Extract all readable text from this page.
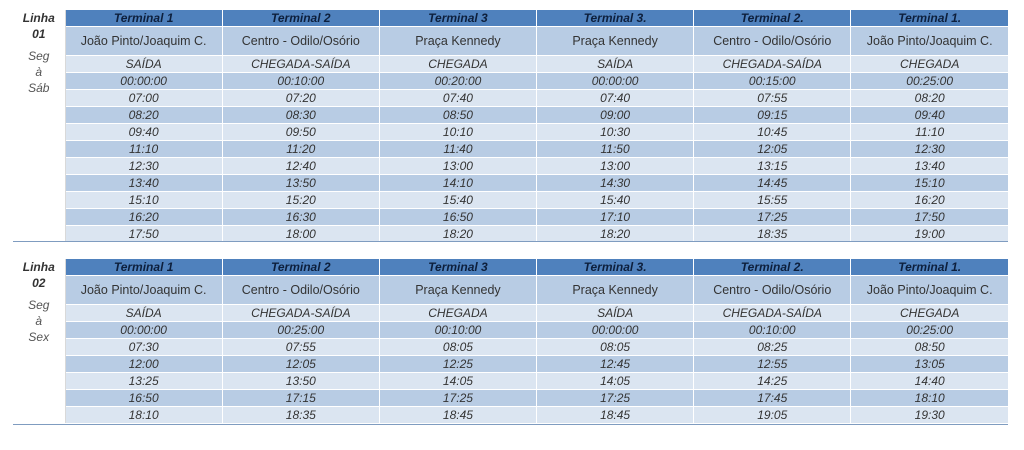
Linha
01
Seg
à
Sáb	Terminal 1	Terminal 2	Terminal 3	Terminal 3.	Terminal 2.	Terminal 1.
	João Pinto/Joaquim C.	Centro - Odilo/Osório	Praça Kennedy	Praça Kennedy	Centro - Odilo/Osório	João Pinto/Joaquim C.
	SAÍDA	CHEGADA-SAÍDA	CHEGADA	SAÍDA	CHEGADA-SAÍDA	CHEGADA
	00:00:00	00:10:00	00:20:00	00:00:00	00:15:00	00:25:00
	07:00	07:20	07:40	07:40	07:55	08:20
	08:20	08:30	08:50	09:00	09:15	09:40
	09:40	09:50	10:10	10:30	10:45	11:10
	11:10	11:20	11:40	11:50	12:05	12:30
	12:30	12:40	13:00	13:00	13:15	13:40
	13:40	13:50	14:10	14:30	14:45	15:10
	15:10	15:20	15:40	15:40	15:55	16:20
	16:20	16:30	16:50	17:10	17:25	17:50
	17:50	18:00	18:20	18:20	18:35	19:00
Linha
02
Seg
à
Sex	Terminal 1	Terminal 2	Terminal 3	Terminal 3.	Terminal 2.	Terminal 1.
	João Pinto/Joaquim C.	Centro - Odilo/Osório	Praça Kennedy	Praça Kennedy	Centro - Odilo/Osório	João Pinto/Joaquim C.
	SAÍDA	CHEGADA-SAÍDA	CHEGADA	SAÍDA	CHEGADA-SAÍDA	CHEGADA
	00:00:00	00:25:00	00:10:00	00:00:00	00:10:00	00:25:00
	07:30	07:55	08:05	08:05	08:25	08:50
	12:00	12:05	12:25	12:45	12:55	13:05
	13:25	13:50	14:05	14:05	14:25	14:40
	16:50	17:15	17:25	17:25	17:45	18:10
	18:10	18:35	18:45	18:45	19:05	19:30
